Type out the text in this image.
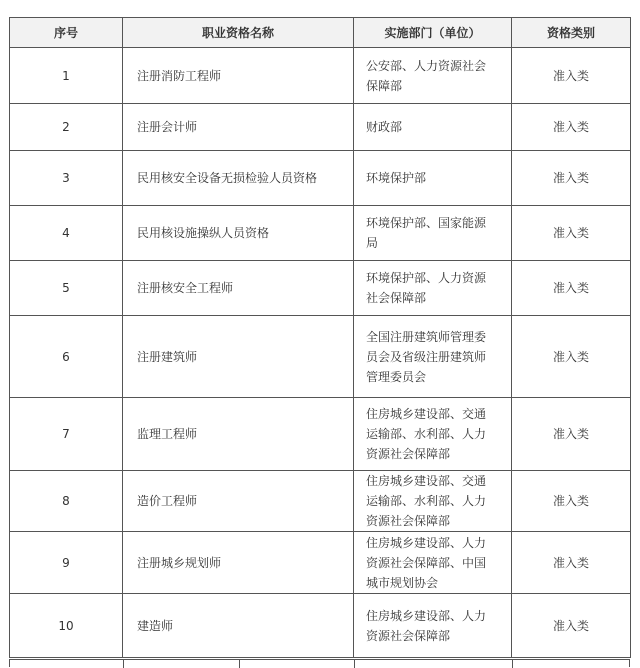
序号	职业资格名称	实施部门（单位）	资格类别
1	注册消防工程师	公安部、人力资源社会
保障部	准入类
2	注册会计师	财政部	准入类
3	民用核安全设备无损检验人员资格	环境保护部	准入类
4	民用核设施操纵人员资格	环境保护部、国家能源
局	准入类
5	注册核安全工程师	环境保护部、人力资源
社会保障部	准入类
6	注册建筑师	全国注册建筑师管理委
员会及省级注册建筑师
管理委员会	准入类
7	监理工程师	住房城乡建设部、交通
运输部、水利部、人力
资源社会保障部	准入类
8	造价工程师	住房城乡建设部、交通
运输部、水利部、人力
资源社会保障部	准入类
9	注册城乡规划师	住房城乡建设部、人力
资源社会保障部、中国
城市规划协会	准入类
10	建造师	住房城乡建设部、人力
资源社会保障部	准入类
